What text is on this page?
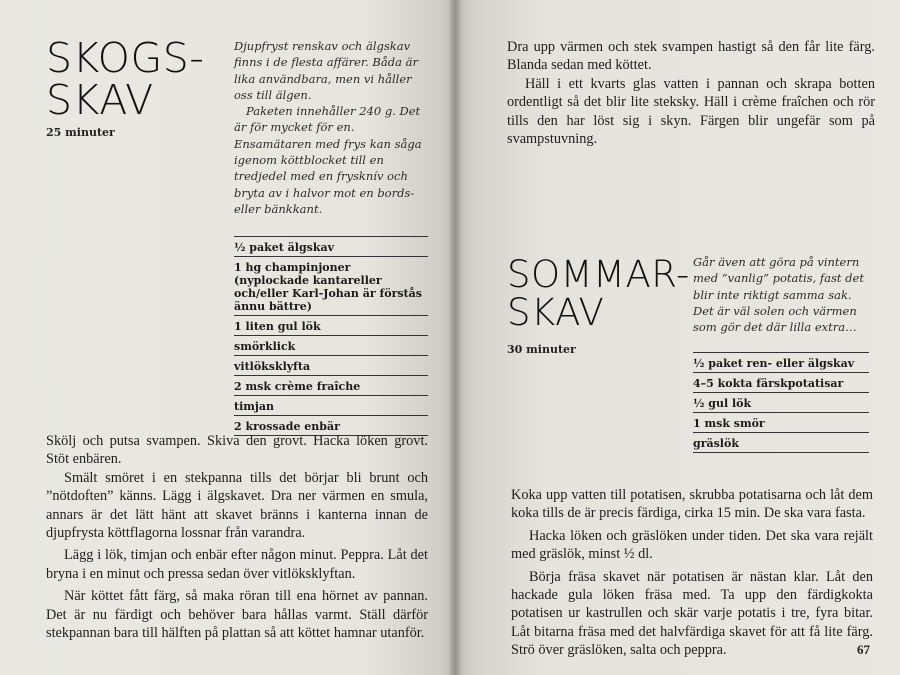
SKOGS-
SKAV
25 minuter

Djupfryst renskav och älgskav finns i de flesta affärer. Båda är lika användbara, men vi håller oss till älgen.

Paketen innehåller 240 g. Det är för mycket för en. Ensamätaren med frys kan såga igenom köttblocket till en tredjedel med en frysknív och bryta av i halvor mot en bords- eller bänkkant.

½ paket älgskav
1 hg champinjoner (nyplockade kantareller och/eller Karl-Johan är förstås ännu bättre)
1 liten gul lök
smörklick
vitlöksklyfta
2 msk crème fraîche
timjan
2 krossade enbär

Skölj och putsa svampen. Skiva den grovt. Hacka löken grovt. Stöt enbären.

Smält smöret i en stekpanna tills det börjar bli brunt och ”nötdoften” känns. Lägg i älgskavet. Dra ner värmen en smula, annars är det lätt hänt att skavet bränns i kanterna innan de djupfrysta köttflagorna lossnar från varandra.

Lägg i lök, timjan och enbär efter någon minut. Peppra. Låt det bryna i en minut och pressa sedan över vitlöksklyftan.

När köttet fått färg, så maka röran till ena hörnet av pannan. Det är nu färdigt och behöver bara hållas varmt. Ställ därför stekpannan bara till hälften på plattan så att köttet hamnar utanför.

Dra upp värmen och stek svampen hastigt så den får lite färg. Blanda sedan med köttet.

Häll i ett kvarts glas vatten i pannan och skrapa botten ordentligt så det blir lite steksky. Häll i crème fraîchen och rör tills den har löst sig i skyn. Färgen blir ungefär som på svampstuvning.

SOMMAR-
SKAV
30 minuter

Går även att göra på vintern med ”vanlig” potatis, fast det blir inte riktigt samma sak. Det är väl solen och värmen som gör det där lilla extra…

½ paket ren- eller älgskav
4–5 kokta färskpotatisar
½ gul lök
1 msk smör
gräslök

Koka upp vatten till potatisen, skrubba potatisarna och låt dem koka tills de är precis färdiga, cirka 15 min. De ska vara fasta.

Hacka löken och gräslöken under tiden. Det ska vara rejält med gräslök, minst ½ dl.

Börja fräsa skavet när potatisen är nästan klar. Låt den hackade gula löken fräsa med. Ta upp den färdigkokta potatisen ur kastrullen och skär varje potatis i tre, fyra bitar. Låt bitarna fräsa med det halvfärdiga skavet för att få lite färg. Strö över gräslöken, salta och peppra.	67
